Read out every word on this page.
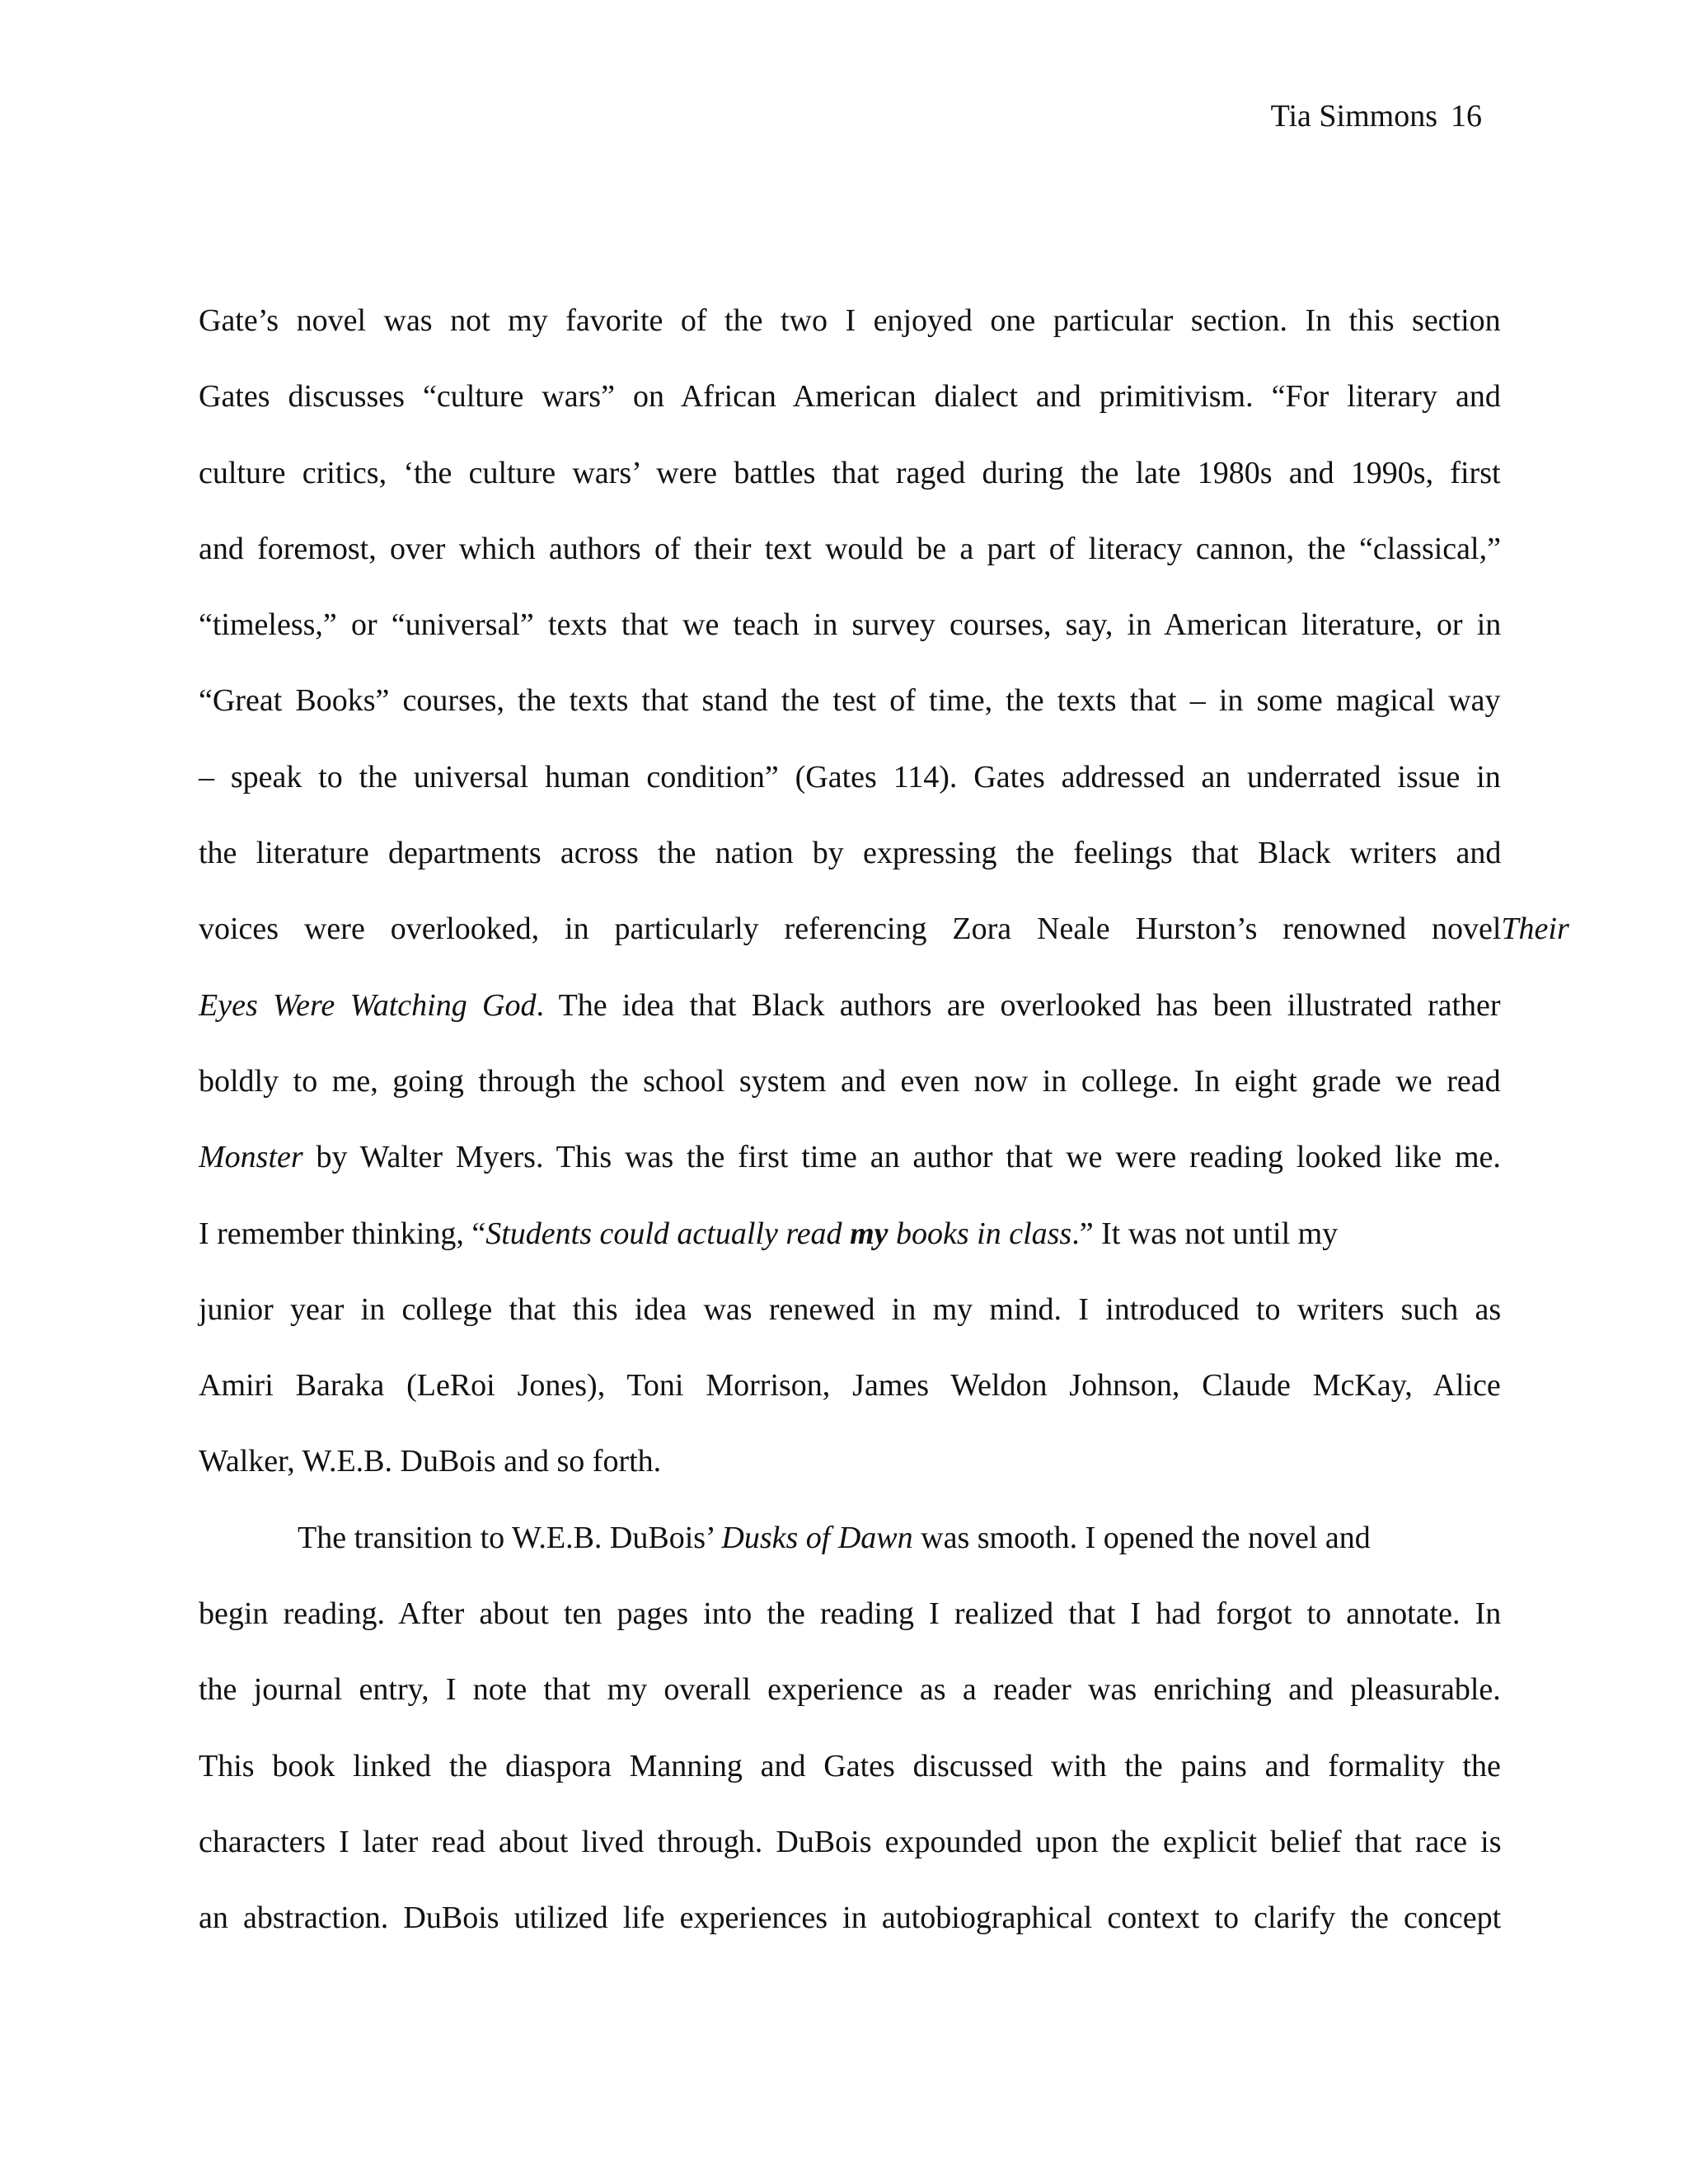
Tia Simmons 16
Gate’s novel was not my favorite of the two I enjoyed one particular section. In this section
Gates discusses “culture wars” on African American dialect and primitivism. “For literary and
culture critics, ‘the culture wars’ were battles that raged during the late 1980s and 1990s, first
and foremost, over which authors of their text would be a part of literacy cannon, the “classical,”
“timeless,” or “universal” texts that we teach in survey courses, say, in American literature, or in
“Great Books” courses, the texts that stand the test of time, the texts that – in some magical way
– speak to the universal human condition” (Gates 114). Gates addressed an underrated issue in
the literature departments across the nation by expressing the feelings that Black writers and
voices were overlooked, in particularly referencing Zora Neale Hurston’s renowned novel Their
Eyes Were Watching God. The idea that Black authors are overlooked has been illustrated rather
boldly to me, going through the school system and even now in college. In eight grade we read
Monster by Walter Myers. This was the first time an author that we were reading looked like me.
I remember thinking, “Students could actually read my books in class.” It was not until my
junior year in college that this idea was renewed in my mind. I introduced to writers such as
Amiri Baraka (LeRoi Jones), Toni Morrison, James Weldon Johnson, Claude McKay, Alice
Walker, W.E.B. DuBois and so forth.
The transition to W.E.B. DuBois’ Dusks of Dawn was smooth. I opened the novel and
begin reading. After about ten pages into the reading I realized that I had forgot to annotate. In
the journal entry, I note that my overall experience as a reader was enriching and pleasurable.
This book linked the diaspora Manning and Gates discussed with the pains and formality the
characters I later read about lived through. DuBois expounded upon the explicit belief that race is
an abstraction. DuBois utilized life experiences in autobiographical context to clarify the concept
